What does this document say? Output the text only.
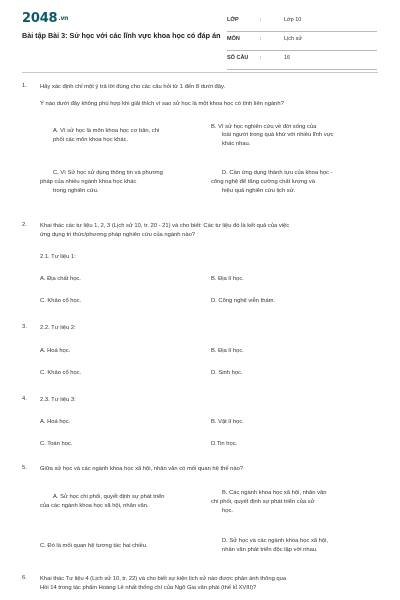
2048.vn
Bài tập Bài 3: Sử học với các lĩnh vực khoa học có đáp án
LỚP	:	Lớp 10
MÔN	:	Lịch sử
SỐ CÂU :	16
1. Hãy xác định chỉ một ý trả lời đúng cho các câu hỏi từ 1 đến 8 dưới đây.
Ý nào dưới đây không phù hợp khi giải thích vì sao sử học là một khoa học có tính liên ngành?
A. Vì sử học là môn khoa học cơ bản, chi
phối các môn khoa học khác.
B. Vì sử học nghiên cứu về đời sống của
loài người trong quá khứ với nhiều lĩnh vực
khác nhau.
C. Vì Sử học sử dụng thông tin và phương
pháp của nhiều ngành khoa học khác
trong nghiên cứu.
D. Cần ứng dụng thành tựu của khoa học -
công nghệ để tăng cường chất lượng và
hiệu quả nghiên cứu lịch sử.
2. Khai thác các tư liệu 1, 2, 3 (Lịch sử 10, tr. 20 - 21) và cho biết: Các tư liệu đó là kết quả của việc
ứng dụng tri thức/phương pháp nghiên cứu của ngành nào?
2.1. Tư liệu 1:
A. Địa chất học.	B. Địa lí học.
C. Khảo cổ học.	D. Công nghệ viễn thám.
3. 2.2. Tư liệu 2:
A. Hoá học.	B. Địa lí học.
C. Khảo cổ học.	D. Sinh học.
4. 2.3. Tư liệu 3:
A. Hoá học.	B. Vật lí học.
C. Toán học.	D.Tin học.
5. Giữa sử học và các ngành khoa học xã hội, nhân văn có mối quan hệ thế nào?
A. Sử học chi phối, quyết định sự phát triển
của các ngành khoa học xã hội, nhân văn.
B. Các ngành khoa học xã hội, nhân văn
chi phối, quyết định sự phát triển của sử
học.
C. Đó là mối quan hệ tương tác hai chiều.
D. Sử học và các ngành khoa học xã hội,
nhân văn phát triển độc lập với nhau.
6. Khai thác Tư liệu 4 (Lịch sử 10, tr. 22) và cho biết sự kiện lịch sử nào được phản ánh thông qua
Hồi 14 trong tác phẩm Hoàng Lê nhất thống chí của Ngô Gia văn phái (thế kỉ XVIII)?
